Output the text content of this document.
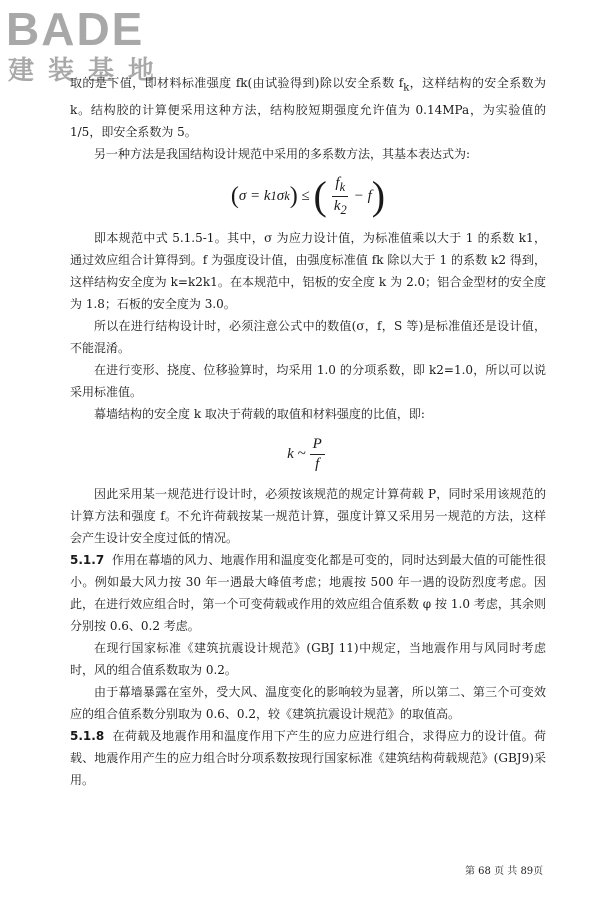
BADE
建装基地

取的是下值，即材料标准强度 fk(由试验得到)除以安全系数 $f_k$，这样结构的安全系数为 k。结构胶的计算便采用这种方法，结构胶短期强度允许值为 0.14MPa，为实验值的 1/5，即安全系数为 5。

另一种方法是我国结构设计规范中采用的多系数方法，其基本表达式为:

( σ = k 1 σ k )
≤
( $\frac{f_k}{k_2} - f$ )

即本规范中式 5.1.5-1。其中，σ 为应力设计值，为标准值乘以大于 1 的系数 k1，通过效应组合计算得到。f 为强度设计值，由强度标准值 fk 除以大于 1 的系数 k2 得到，这样结构安全度为 k=k2k1。在本规范中，铝板的安全度 k 为 2.0；铝合金型材的安全度为 1.8；石板的安全度为 3.0。

所以在进行结构设计时，必须注意公式中的数值(σ，f，S 等)是标准值还是设计值，不能混淆。

在进行变形、挠度、位移验算时，均采用 1.0 的分项系数，即 k2=1.0，所以可以说采用标准值。

幕墙结构的安全度 k 取决于荷载的取值和材料强度的比值，即:

k ~ $\frac{P}{f}$

因此采用某一规范进行设计时，必须按该规范的规定计算荷载 P，同时采用该规范的计算方法和强度 f。不允许荷载按某一规范计算，强度计算又采用另一规范的方法，这样会产生设计安全度过低的情况。

5.1.7 作用在幕墙的风力、地震作用和温度变化都是可变的，同时达到最大值的可能性很小。例如最大风力按 30 年一遇最大峰值考虑；地震按 500 年一遇的设防烈度考虑。因此，在进行效应组合时，第一个可变荷载或作用的效应组合值系数 φ 按 1.0 考虑，其余则分别按 0.6、0.2 考虑。

在现行国家标准《建筑抗震设计规范》(GBJ 11)中规定，当地震作用与风同时考虑时，风的组合值系数取为 0.2。

由于幕墙暴露在室外，受大风、温度变化的影响较为显著，所以第二、第三个可变效应的组合值系数分别取为 0.6、0.2，较《建筑抗震设计规范》的取值高。

5.1.8 在荷载及地震作用和温度作用下产生的应力应进行组合，求得应力的设计值。荷载、地震作用产生的应力组合时分项系数按现行国家标准《建筑结构荷载规范》(GBJ9)采用。

第 68 页 共 89页
